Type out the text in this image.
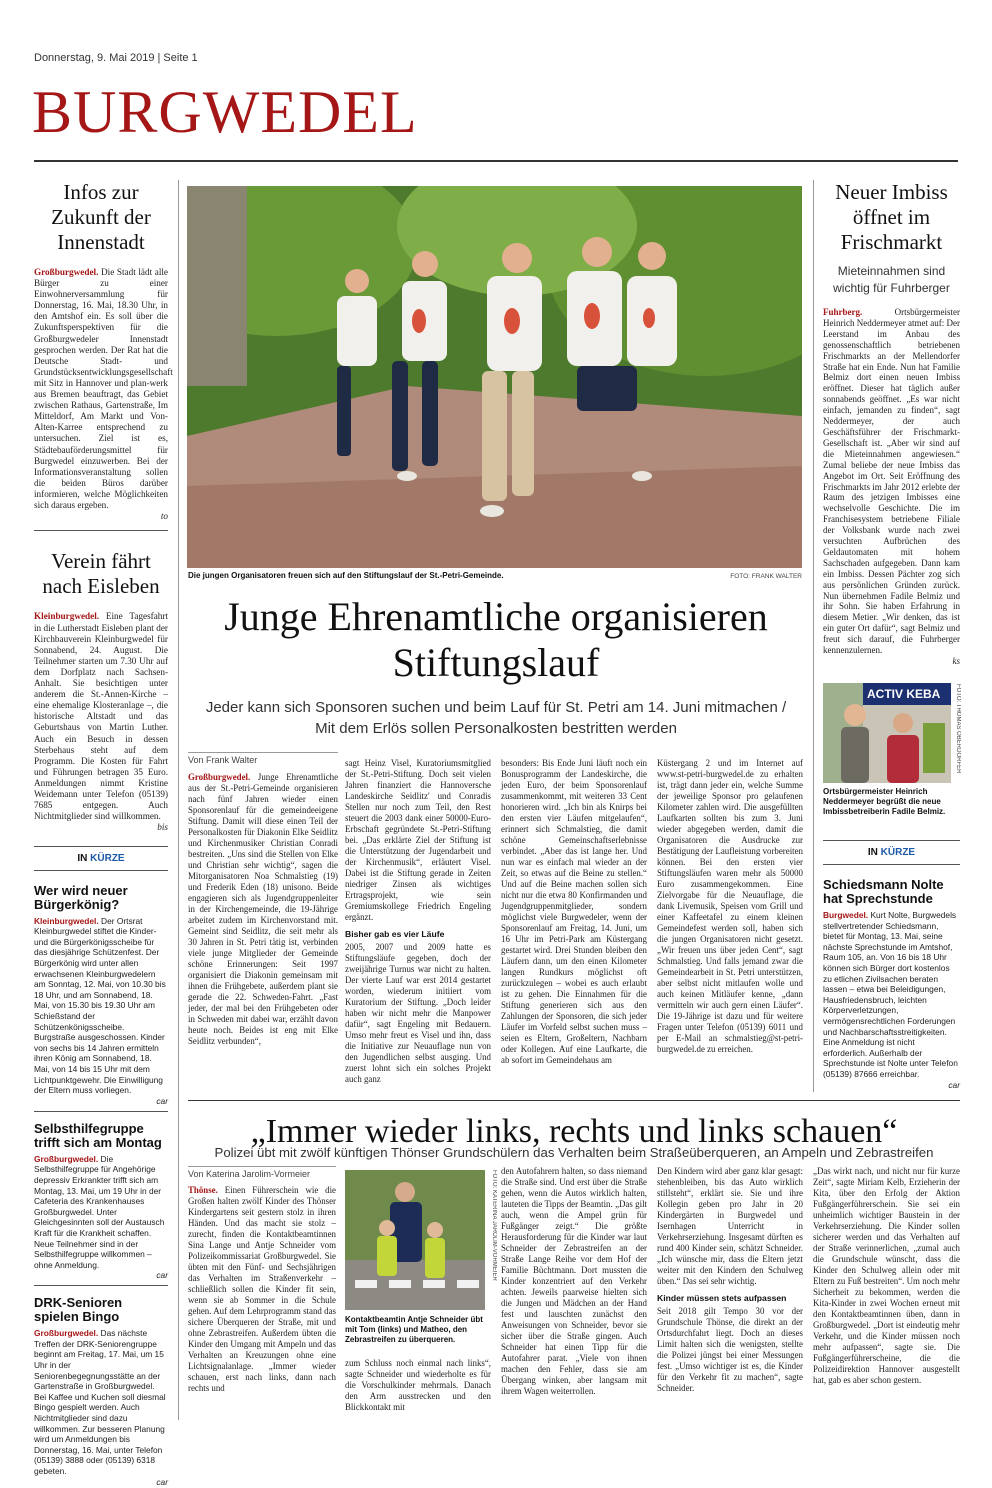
Donnerstag, 9. Mai 2019 | Seite 1
BURGWEDEL
Infos zur Zukunft der Innenstadt
Großburgwedel. Die Stadt lädt alle Bürger zu einer Einwohnerversammlung für Donnerstag, 16. Mai, 18.30 Uhr, in den Amtshof ein. Es soll über die Zukunftsperspektiven für die Großburgwedeler Innenstadt gesprochen werden. Der Rat hat die Deutsche Stadt- und Grundstücksentwicklungsgesellschaft mit Sitz in Hannover und plan-werk aus Bremen beauftragt, das Gebiet zwischen Rathaus, Gartenstraße, Im Mitteldorf, Am Markt und Von-Alten-Karree entsprechend zu untersuchen. Ziel ist es, Städtebauförderungsmittel für Burgwedel einzuwerben. Bei der Informationsveranstaltung sollen die beiden Büros darüber informieren, welche Möglichkeiten sich daraus ergeben.
to
Verein fährt nach Eisleben
Kleinburgwedel. Eine Tagesfahrt in die Lutherstadt Eisleben plant der Kirchbauverein Kleinburgwedel für Sonnabend, 24. August. Die Teilnehmer starten um 7.30 Uhr auf dem Dorfplatz nach Sachsen-Anhalt. Sie besichtigen unter anderem die St.-Annen-Kirche – eine ehemalige Klosteranlage –, die historische Altstadt und das Geburtshaus von Martin Luther. Auch ein Besuch in dessen Sterbehaus steht auf dem Programm. Die Kosten für Fahrt und Führungen betragen 35 Euro. Anmeldungen nimmt Kristine Weidemann unter Telefon (05139) 7685 entgegen. Auch Nichtmitglieder sind willkommen.
bis
IN KÜRZE
Wer wird neuer Bürgerkönig?
Kleinburgwedel. Der Ortsrat Kleinburgwedel stiftet die Kinder- und die Bürgerkönigsscheibe für das diesjährige Schützenfest. Der Bürgerkönig wird unter allen erwachsenen Kleinburgwedelern am Sonntag, 12. Mai, von 10.30 bis 18 Uhr, und am Sonnabend, 18. Mai, von 15.30 bis 19.30 Uhr am Schießstand der Schützenkönigsscheibe. Burgstraße ausgeschossen. Kinder von sechs bis 14 Jahren ermitteln ihren König am Sonnabend, 18. Mai, von 14 bis 15 Uhr mit dem Lichtpunktgewehr. Die Einwilligung der Eltern muss vorliegen.
car
Selbsthilfegruppe trifft sich am Montag
Großburgwedel. Die Selbsthilfegruppe für Angehörige depressiv Erkrankter trifft sich am Montag, 13. Mai, um 19 Uhr in der Cafeteria des Krankenhauses Großburgwedel. Unter Gleichgesinnten soll der Austausch Kraft für die Krankheit schaffen. Neue Teilnehmer sind in der Selbsthilfegruppe willkommen – ohne Anmeldung.
car
DRK-Senioren spielen Bingo
Großburgwedel. Das nächste Treffen der DRK-Seniorengruppe beginnt am Freitag, 17. Mai, um 15 Uhr in der Seniorenbegegnungsstätte an der Gartenstraße in Großburgwedel. Bei Kaffee und Kuchen soll diesmal Bingo gespielt werden. Auch Nichtmitglieder sind dazu willkommen. Zur besseren Planung wird um Anmeldungen bis Donnerstag, 16. Mai, unter Telefon (05139) 3888 oder (05139) 6318 gebeten.
car
Die jungen Organisatoren freuen sich auf den Stiftungslauf der St.-Petri-Gemeinde.	FOTO: FRANK WALTER
Junge Ehrenamtliche organisieren Stiftungslauf
Jeder kann sich Sponsoren suchen und beim Lauf für St. Petri am 14. Juni mitmachen / Mit dem Erlös sollen Personalkosten bestritten werden
Von Frank Walter
Großburgwedel. Junge Ehrenamtliche aus der St.-Petri-Gemeinde organisieren nach fünf Jahren wieder einen Sponsorenlauf für die gemeindeeigene Stiftung. Damit will diese einen Teil der Personalkosten für Diakonin Elke Seidlitz und Kirchenmusiker Christian Conradi bestreiten. „Uns sind die Stellen von Elke und Christian sehr wichtig“, sagen die Mitorganisatoren Noa Schmalstieg (19) und Frederik Eden (18) unisono. Beide engagieren sich als Jugendgruppenleiter in der Kirchengemeinde, die 19-Jährige arbeitet zudem im Kirchenvorstand mit. Gemeint sind Seidlitz, die seit mehr als 30 Jahren in St. Petri tätig ist, verbinden viele junge Mitglieder der Gemeinde schöne Erinnerungen: Seit 1997 organisiert die Diakonin gemeinsam mit ihnen die Frühgebete, außerdem plant sie gerade die 22. Schweden-Fahrt. „Fast jeder, der mal bei den Frühgebeten oder in Schweden mit dabei war, erzählt davon heute noch. Beides ist eng mit Elke Seidlitz verbunden“,
sagt Heinz Visel, Kuratoriumsmitglied der St.-Petri-Stiftung. Doch seit vielen Jahren finanziert die Hannoversche Landeskirche Seidlitz' und Conradis Stellen nur noch zum Teil, den Rest steuert die 2003 dank einer 50000-Euro-Erbschaft gegründete St.-Petri-Stiftung bei. „Das erklärte Ziel der Stiftung ist die Unterstützung der Jugendarbeit und der Kirchenmusik“, erläutert Visel. Dabei ist die Stiftung gerade in Zeiten niedriger Zinsen als wichtiges Ertragsprojekt, wie sein Gremiumskollege Friedrich Engeling ergänzt.
Bisher gab es vier Läufe
2005, 2007 und 2009 hatte es Stiftungsläufe gegeben, doch der zweijährige Turnus war nicht zu halten. Der vierte Lauf war erst 2014 gestartet worden, wiederum initiiert vom Kuratorium der Stiftung. „Doch leider haben wir nicht mehr die Manpower dafür“, sagt Engeling mit Bedauern. Umso mehr freut es Visel und ihn, dass die Initiative zur Neuauflage nun von den Jugendlichen selbst ausging. Und zuerst lohnt sich ein solches Projekt auch ganz
besonders: Bis Ende Juni läuft noch ein Bonusprogramm der Landeskirche, die jeden Euro, der beim Sponsorenlauf zusammenkommt, mit weiteren 33 Cent honorieren wird. „Ich bin als Knirps bei den ersten vier Läufen mitgelaufen“, erinnert sich Schmalstieg, die damit schöne Gemeinschaftserlebnisse verbindet. „Aber das ist lange her. Und nun war es einfach mal wieder an der Zeit, so etwas auf die Beine zu stellen.“ Und auf die Beine machen sollen sich nicht nur die etwa 80 Konfirmanden und Jugendgruppenmitglieder, sondern möglichst viele Burgwedeler, wenn der Sponsorenlauf am Freitag, 14. Juni, um 16 Uhr im Petri-Park am Küstergang gestartet wird. Drei Stunden bleiben den Läufern dann, um den einen Kilometer langen Rundkurs möglichst oft zurückzulegen – wobei es auch erlaubt ist zu gehen. Die Einnahmen für die Stiftung generieren sich aus den Zahlungen der Sponsoren, die sich jeder Läufer im Vorfeld selbst suchen muss – seien es Eltern, Großeltern, Nachbarn oder Kollegen. Auf eine Laufkarte, die ab sofort im Gemeindehaus am
Küstergang 2 und im Internet auf www.st-petri-burgwedel.de zu erhalten ist, trägt dann jeder ein, welche Summe der jeweilige Sponsor pro gelaufenen Kilometer zahlen wird. Die ausgefüllten Laufkarten sollten bis zum 3. Juni wieder abgegeben werden, damit die Organisatoren die Ausdrucke zur Bestätigung der Laufleistung vorbereiten können. Bei den ersten vier Stiftungsläufen waren mehr als 50000 Euro zusammengekommen. Eine Zielvorgabe für die Neuauflage, die dank Livemusik, Speisen vom Grill und einer Kaffeetafel zu einem kleinen Gemeindefest werden soll, haben sich die jungen Organisatoren nicht gesetzt. „Wir freuen uns über jeden Cent“, sagt Schmalstieg. Und falls jemand zwar die Gemeindearbeit in St. Petri unterstützen, aber selbst nicht mitlaufen wolle und auch keinen Mitläufer kenne, „dann vermitteln wir auch gern einen Läufer“. Die 19-Jährige ist dazu und für weitere Fragen unter Telefon (05139) 6011 und per E-Mail an schmalstieg@st-petri-burgwedel.de zu erreichen.
Neuer Imbiss öffnet im Frischmarkt
Mieteinnahmen sind wichtig für Fuhrberger
Fuhrberg.	Ortsbürgermeister Heinrich Neddermeyer atmet auf: Der Leerstand im Anbau des genossenschaftlich betriebenen Frischmarkts an der Mellendorfer Straße hat ein Ende. Nun hat Familie Belmiz dort einen neuen Imbiss eröffnet. Dieser hat täglich außer sonnabends geöffnet. „Es war nicht einfach, jemanden zu finden“, sagt Neddermeyer, der auch Geschäftsführer der Frischmarkt-Gesellschaft ist. „Aber wir sind auf die Mieteinnahmen angewiesen.“ Zumal beliebe der neue Imbiss das Angebot im Ort. Seit Eröffnung des Frischmarkts im Jahr 2012 erlebte der Raum des jetzigen Imbisses eine wechselvolle Geschichte. Die im Franchisesystem betriebene Filiale der Volksbank wurde nach zwei versuchten Aufbrüchen des Geldautomaten mit hohem Sachschaden aufgegeben. Dann kam ein Imbiss. Dessen Pächter zog sich aus persönlichen Gründen zurück. Nun übernehmen Fadile Belmiz und ihr Sohn. Sie haben Erfahrung in diesem Metier. „Wir denken, das ist ein guter Ort dafür“, sagt Belmiz und freut sich darauf, die Fuhrberger kennenzulernen.
ks
ACTIV KEBA	FOTO: THOMAS OBERDORFER
Ortsbürgermeister Heinrich Neddermeyer begrüßt die neue Imbissbetreiberin Fadile Belmiz.
IN KÜRZE
Schiedsmann Nolte hat Sprechstunde
Burgwedel. Kurt Nolte, Burgwedels stellvertretender Schiedsmann, bietet für Montag, 13. Mai, seine nächste Sprechstunde im Amtshof, Raum 105, an. Von 16 bis 18 Uhr können sich Bürger dort kostenlos zu etlichen Zivilsachen beraten lassen – etwa bei Beleidigungen, Hausfriedensbruch, leichten Körperverletzungen, vermögensrechtlichen Forderungen und Nachbarschaftsstreitigkeiten. Eine Anmeldung ist nicht erforderlich. Außerhalb der Sprechstunde ist Nolte unter Telefon (05139) 87666 erreichbar.
car
„Immer wieder links, rechts und links schauen“
Polizei übt mit zwölf künftigen Thönser Grundschülern das Verhalten beim Straßeüberqueren, an Ampeln und Zebrastreifen
Von Katerina Jarolim-Vormeier
Thönse. Einen Führerschein wie die Großen halten zwölf Kinder des Thönser Kindergartens seit gestern stolz in ihren Händen. Und das macht sie stolz – zurecht, finden die Kontaktbeamtinnen Sina Lange und Antje Schneider vom Polizeikommissariat Großburgwedel. Sie übten mit den Fünf- und Sechsjährigen das Verhalten im Straßenverkehr – schließlich sollen die Kinder fit sein, wenn sie ab Sommer in die Schule gehen. Auf dem Lehrprogramm stand das sichere Überqueren der Straße, mit und ohne Zebrastreifen. Außerdem übten die Kinder den Umgang mit Ampeln und das Verhalten an Kreuzungen ohne eine Lichtsignalanlage. „Immer wieder schauen, erst nach links, dann nach rechts und
FOTO: KATERINA JAROLIM-VORMEIER
Kontaktbeamtin Antje Schneider übt mit Tom (links) und Matheo, den Zebrastreifen zu überqueren.
zum Schluss noch einmal nach links“, sagte Schneider und wiederholte es für die Vorschulkinder mehrmals. Danach den Arm ausstrecken und den Blickkontakt mit
den Autofahrern halten, so dass niemand die Straße sind. Und erst über die Straße gehen, wenn die Autos wirklich halten, lauteten die Tipps der Beamtin. „Das gilt auch, wenn die Ampel grün für Fußgänger zeigt.“ Die größte Herausforderung für die Kinder war laut Schneider der Zebrastreifen an der Straße Lange Reihe vor dem Hof der Familie Büchtmann. Dort mussten die Kinder konzentriert auf den Verkehr achten. Jeweils paarweise hielten sich die Jungen und Mädchen an der Hand fest und lauschten zunächst den Anweisungen von Schneider, bevor sie sicher über die Straße gingen. Auch Schneider hat einen Tipp für die Autofahrer parat. „Viele von ihnen machen den Fehler, dass sie am Übergang winken, aber langsam mit ihrem Wagen weiterrollen.
Den Kindern wird aber ganz klar gesagt: stehenbleiben, bis das Auto wirklich stillsteht“, erklärt sie. Sie und ihre Kollegin geben pro Jahr in 20 Kindergärten in Burgwedel und Isernhagen Unterricht in Verkehrserziehung. Insgesamt dürften es rund 400 Kinder sein, schätzt Schneider. „Ich wünsche mir, dass die Eltern jetzt weiter mit den Kindern den Schulweg üben.“ Das sei sehr wichtig.
Kinder müssen stets aufpassen
Seit 2018 gilt Tempo 30 vor der Grundschule Thönse, die direkt an der Ortsdurchfahrt liegt. Doch an dieses Limit halten sich die wenigsten, stellte die Polizei jüngst bei einer Messungen fest. „Umso wichtiger ist es, die Kinder für den Verkehr fit zu machen“, sagte Schneider.
„Das wirkt nach, und nicht nur für kurze Zeit“, sagte Miriam Kelb, Erzieherin der Kita, über den Erfolg der Aktion Fußgängerführerschein. Sie sei ein unheimlich wichtiger Baustein in der Verkehrserziehung. Die Kinder sollen sicherer werden und das Verhalten auf der Straße verinnerlichen, „zumal auch die Grundschule wünscht, dass die Kinder den Schulweg allein oder mit Eltern zu Fuß bestreiten“. Um noch mehr Sicherheit zu bekommen, werden die Kita-Kinder in zwei Wochen erneut mit den Kontaktbeamtinnen üben, dann in Großburgwedel. „Dort ist eindeutig mehr Verkehr, und die Kinder müssen noch mehr aufpassen“, sagte sie. Die Fußgängerführerscheine, die die Polizeidirektion Hannover ausgestellt hat, gab es aber schon gestern.
